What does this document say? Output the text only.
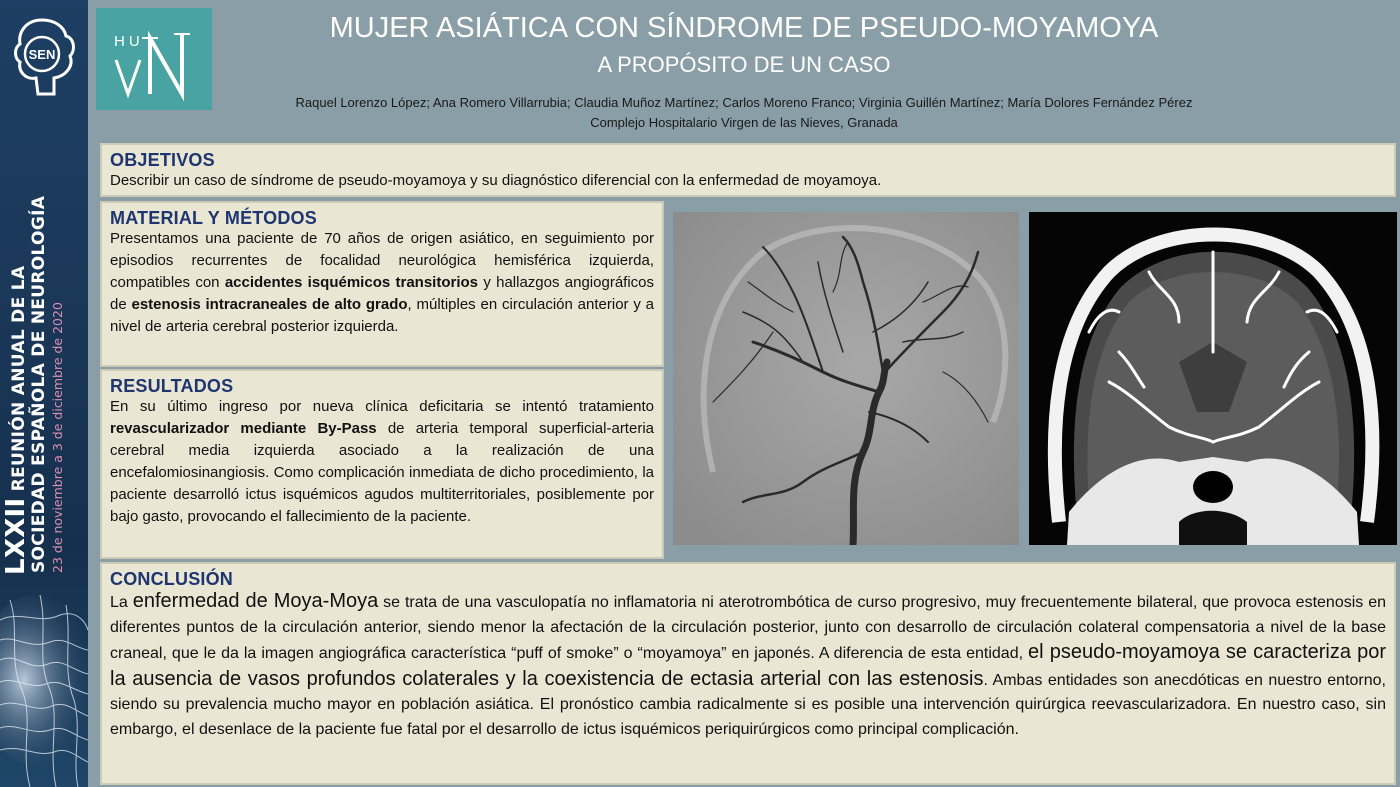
SEN
LXXII REUNIÓN ANUAL DE LA SOCIEDAD ESPAÑOLA DE NEUROLOGÍA 23 de noviembre a 3 de diciembre de 2020
HU	MUJER ASIÁTICA CON SÍNDROME DE PSEUDO-MOYAMOYA
A PROPÓSITO DE UN CASO
Raquel Lorenzo López; Ana Romero Villarrubia; Claudia Muñoz Martínez; Carlos Moreno Franco; Virginia Guillén Martínez; María Dolores Fernández Pérez
Complejo Hospitalario Virgen de las Nieves, Granada
OBJETIVOS

Describir un caso de síndrome de pseudo-moyamoya y su diagnóstico diferencial con la enfermedad de moyamoya.

MATERIAL Y MÉTODOS

Presentamos una paciente de 70 años de origen asiático, en seguimiento por episodios recurrentes de focalidad neurológica hemisférica izquierda, compatibles con accidentes isquémicos transitorios y hallazgos angiográficos de estenosis intracraneales de alto grado, múltiples en circulación anterior y a nivel de arteria cerebral posterior izquierda.

RESULTADOS

En su último ingreso por nueva clínica deficitaria se intentó tratamiento revascularizador mediante By-Pass de arteria temporal superficial-arteria cerebral media izquierda asociado a la realización de una encefalomiosinangiosis. Como complicación inmediata de dicho procedimiento, la paciente desarrolló ictus isquémicos agudos multiterritoriales, posiblemente por bajo gasto, provocando el fallecimiento de la paciente.

CONCLUSIÓN

La enfermedad de Moya-Moya se trata de una vasculopatía no inflamatoria ni aterotrombótica de curso progresivo, muy frecuentemente bilateral, que provoca estenosis en diferentes puntos de la circulación anterior, siendo menor la afectación de la circulación posterior, junto con desarrollo de circulación colateral compensatoria a nivel de la base craneal, que le da la imagen angiográfica característica “puff of smoke” o “moyamoya” en japonés. A diferencia de esta entidad, el pseudo-moyamoya se caracteriza por la ausencia de vasos profundos colaterales y la coexistencia de ectasia arterial con las estenosis. Ambas entidades son anecdóticas en nuestro entorno, siendo su prevalencia mucho mayor en población asiática. El pronóstico cambia radicalmente si es posible una intervención quirúrgica reevascularizadora. En nuestro caso, sin embargo, el desenlace de la paciente fue fatal por el desarrollo de ictus isquémicos periquirúrgicos como principal complicación.
